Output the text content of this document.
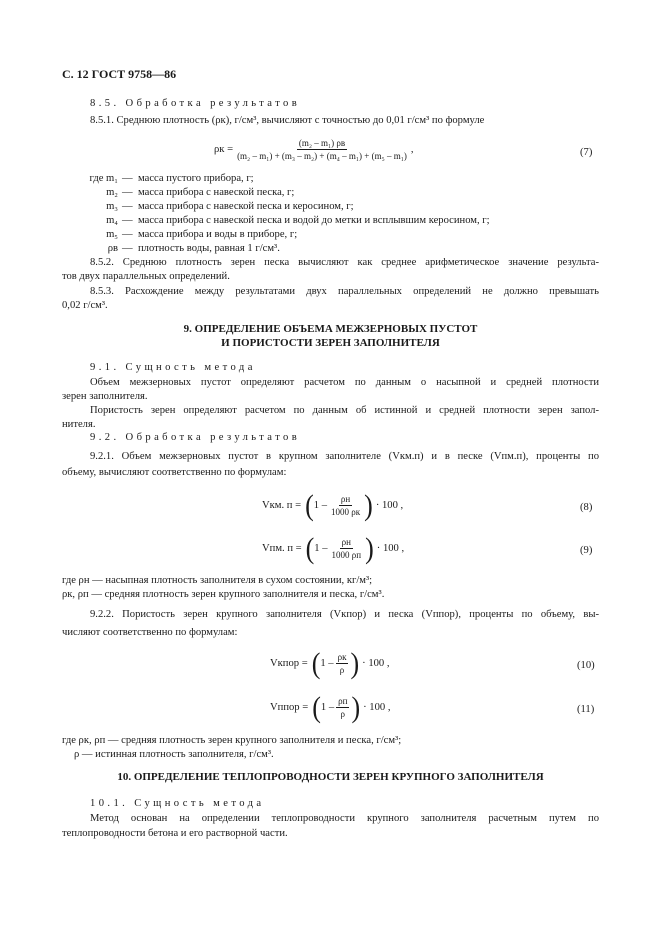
С. 12 ГОСТ 9758—86
8.5. Обработка результатов
8.5.1. Среднюю плотность (ρк), г/см³, вычисляют с точностью до 0,01 г/см³ по формуле
$\rho к = \frac{\text{(m₂ – m₁) ρв}}{\text{(m₂ – m₁) + (m₃ – m₂) + (m₄ – m₁) + (m₅ – m₁)}}$ ,	(7)
где m₁ — масса пустого прибора, г;
m₂ — масса прибора с навеской песка, г;
m₃ — масса прибора с навеской песка и керосином, г;
m₄ — масса прибора с навеской песка и водой до метки и всплывшим керосином, г;
m₅ — масса прибора и воды в приборе, г;
ρв — плотность воды, равная 1 г/см³.
8.5.2. Среднюю плотность зерен песка вычисляют как среднее арифметическое значение результа-
тов двух параллельных определений.
8.5.3. Расхождение между результатами двух параллельных определений не должно превышать
0,02 г/см³.
9. ОПРЕДЕЛЕНИЕ ОБЪЕМА МЕЖЗЕРНОВЫХ ПУСТОТ
И ПОРИСТОСТИ ЗЕРЕН ЗАПОЛНИТЕЛЯ
9.1. Сущность метода
Объем межзерновых пустот определяют расчетом по данным о насыпной и средней плотности
зерен заполнителя.
Пористость зерен определяют расчетом по данным об истинной и средней плотности зерен запол-
нителя.
9.2. Обработка результатов
9.2.1. Объем межзерновых пустот в крупном заполнителе (Vкм.п) и в песке (Vпм.п), проценты по
объему, вычисляют соответственно по формулам:
Vкм. п = ( $1 - \frac{\rho н}{1000 \rho к}$ ) · 100 ,	(8)
Vпм. п = ( $1 - \frac{\rho н}{1000 \rho п}$ ) · 100 ,	(9)
где ρн — насыпная плотность заполнителя в сухом состоянии, кг/м³;
ρк, ρп — средняя плотность зерен крупного заполнителя и песка, г/см³.
9.2.2. Пористость зерен крупного заполнителя (Vкпор) и песка (Vппор), проценты по объему, вы-
числяют соответственно по формулам:
Vкпор = ( $1 - \frac{\rho к}{\rho}$ ) · 100 ,	(10)
Vппор = ( $1 - \frac{\rho п}{\rho}$ ) · 100 ,	(11)
где ρк, ρп — средняя плотность зерен крупного заполнителя и песка, г/см³;
ρ — истинная плотность заполнителя, г/см³.
10. ОПРЕДЕЛЕНИЕ ТЕПЛОПРОВОДНОСТИ ЗЕРЕН КРУПНОГО ЗАПОЛНИТЕЛЯ
10.1. Сущность метода
Метод основан на определении теплопроводности крупного заполнителя расчетным путем по
теплопроводности бетона и его растворной части.
